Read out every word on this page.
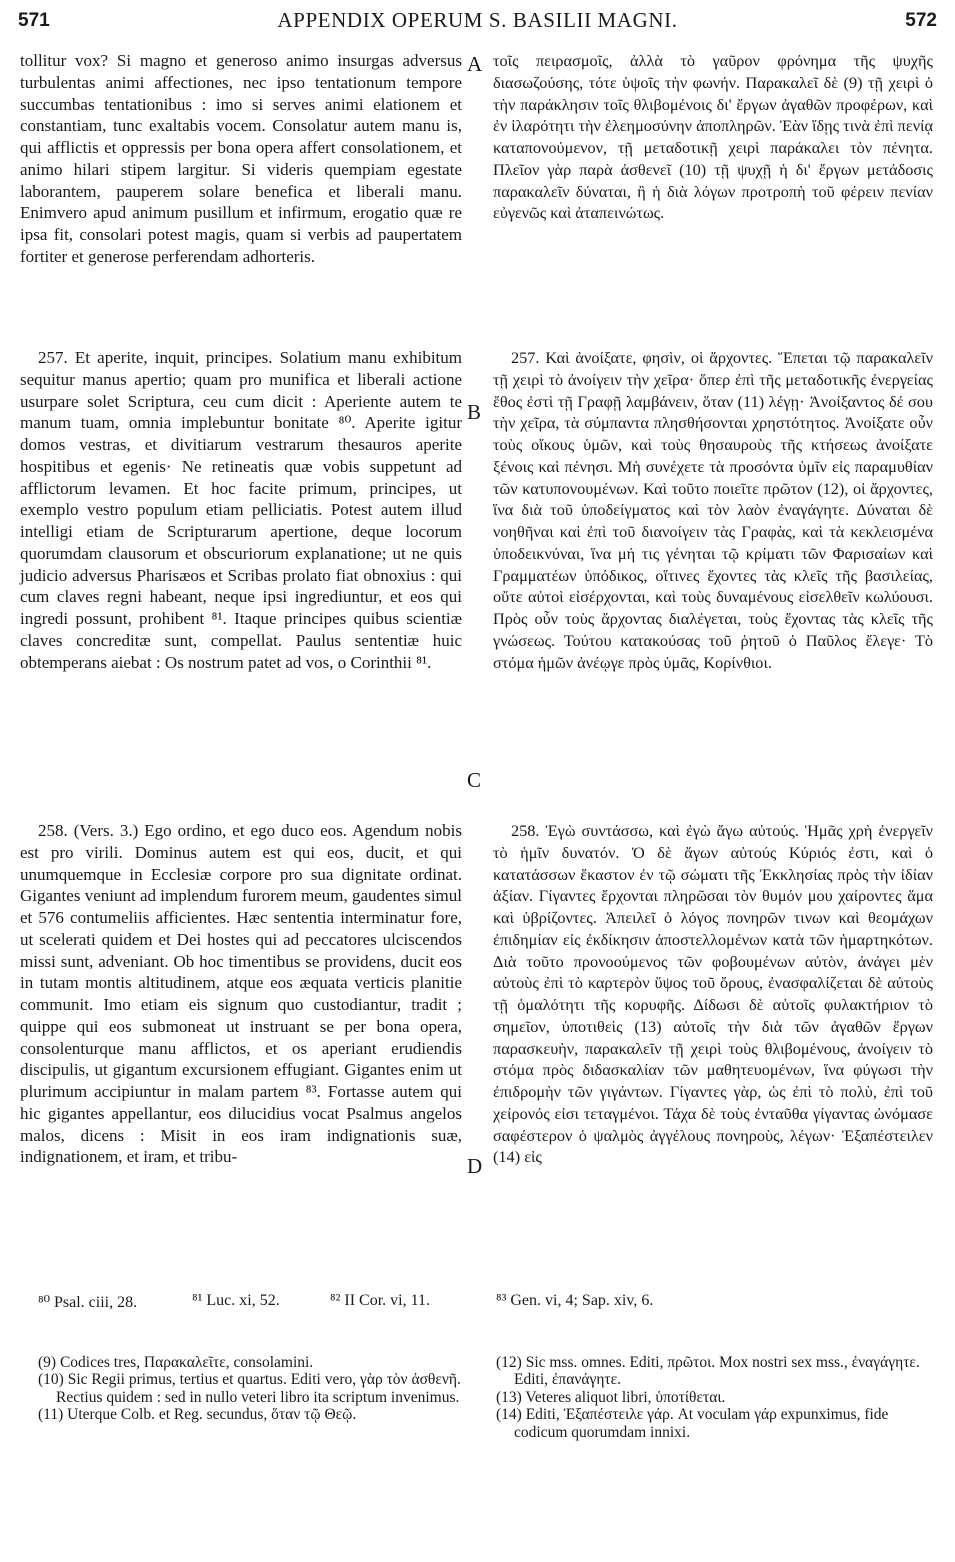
571	APPENDIX OPERUM S. BASILII MAGNI.	572

tollitur vox? Si magno et generoso animo insurgas adversus turbulentas animi affectiones, nec ipso tentationum tempore succumbas tentationibus : imo si serves animi elationem et constantiam, tunc exaltabis vocem. Consolatur autem manu is, qui afflictis et oppressis per bona opera affert consolationem, et animo hilari stipem largitur. Si videris quempiam egestate laborantem, pauperem solare benefica et liberali manu. Enimvero apud animum pusillum et infirmum, erogatio quæ re ipsa fit, consolari potest magis, quam si verbis ad paupertatem fortiter et generose perferendam adhorteris.

257. Et aperite, inquit, principes. Solatium manu exhibitum sequitur manus apertio; quam pro munifica et liberali actione usurpare solet Scriptura, ceu cum dicit : Aperiente autem te manum tuam, omnia implebuntur bonitate ⁸⁰. Aperite igitur domos vestras, et divitiarum vestrarum thesauros aperite hospitibus et egenis· Ne retineatis quæ vobis suppetunt ad afflictorum levamen. Et hoc facite primum, principes, ut exemplo vestro populum etiam pelliciatis. Potest autem illud intelligi etiam de Scripturarum apertione, deque locorum quorumdam clausorum et obscuriorum explanatione; ut ne quis judicio adversus Pharisæos et Scribas prolato fiat obnoxius : qui cum claves regni habeant, neque ipsi ingrediuntur, et eos qui ingredi possunt, prohibent ⁸¹. Itaque principes quibus scientiæ claves concreditæ sunt, compellat. Paulus sententiæ huic obtemperans aiebat : Os nostrum patet ad vos, o Corinthii ⁸¹.

258. (Vers. 3.) Ego ordino, et ego duco eos. Agendum nobis est pro virili. Dominus autem est qui eos, ducit, et qui unumquemque in Ecclesiæ corpore pro sua dignitate ordinat. Gigantes veniunt ad implendum furorem meum, gaudentes simul et 576 contumeliis afficientes. Hæc sententia interminatur fore, ut scelerati quidem et Dei hostes qui ad peccatores ulciscendos missi sunt, adveniant. Ob hoc timentibus se providens, ducit eos in tutam montis altitudinem, atque eos æquata verticis planitie communit. Imo etiam eis signum quo custodiantur, tradit ; quippe qui eos submoneat ut instruant se per bona opera, consolenturque manu afflictos, et os aperiant erudiendis discipulis, ut gigantum excursionem effugiant. Gigantes enim ut plurimum accipiuntur in malam partem ⁸³. Fortasse autem qui hic gigantes appellantur, eos dilucidius vocat Psalmus angelos malos, dicens : Misit in eos iram indignationis suæ, indignationem, et iram, et tribu-

τοῖς πειρασμοῖς, ἀλλὰ τὸ γαῦρον φρόνημα τῆς ψυχῆς διασωζούσης, τότε ὑψοῖς τὴν φωνήν. Παρακαλεῖ δὲ (9) τῇ χειρὶ ὁ τὴν παράκλησιν τοῖς θλιβομένοις δι' ἔργων ἀγαθῶν προφέρων, καὶ ἐν ἱλαρότητι τὴν ἐλεημοσύνην ἀποπληρῶν. Ἐὰν ἴδῃς τινὰ ἐπὶ πενίᾳ καταπονούμενον, τῇ μεταδοτικῇ χειρὶ παράκαλει τὸν πένητα. Πλεῖον γὰρ παρὰ ἀσθενεῖ (10) τῇ ψυχῇ ἡ δι' ἔργων μετάδοσις παρακαλεῖν δύναται, ἢ ἡ διὰ λόγων προτροπὴ τοῦ φέρειν πενίαν εὐγενῶς καὶ ἀταπεινώτως.

257. Καὶ ἀνοίξατε, φησὶν, οἱ ἄρχοντες. Ἕπεται τῷ παρακαλεῖν τῇ χειρὶ τὸ ἀνοίγειν τὴν χεῖρα· ὅπερ ἐπὶ τῆς μεταδοτικῆς ἐνεργείας ἔθος ἐστὶ τῇ Γραφῇ λαμβάνειν, ὅταν (11) λέγῃ· Ἀνοίξαντος δέ σου τὴν χεῖρα, τὰ σύμπαντα πλησθήσονται χρηστότητος. Ἀνοίξατε οὖν τοὺς οἴκους ὑμῶν, καὶ τοὺς θησαυροὺς τῆς κτήσεως ἀνοίξατε ξένοις καὶ πένησι. Μὴ συνέχετε τὰ προσόντα ὑμῖν εἰς παραμυθίαν τῶν κατυπονουμένων. Καὶ τοῦτο ποιεῖτε πρῶτον (12), οἱ ἄρχοντες, ἵνα διὰ τοῦ ὑποδείγματος καὶ τὸν λαὸν ἐναγάγητε. Δύναται δὲ νοηθῆναι καὶ ἐπὶ τοῦ διανοίγειν τὰς Γραφὰς, καὶ τὰ κεκλεισμένα ὑποδεικνύναι, ἵνα μή τις γένηται τῷ κρίματι τῶν Φαρισαίων καὶ Γραμματέων ὑπόδικος, οἵτινες ἔχοντες τὰς κλεῖς τῆς βασιλείας, οὔτε αὐτοὶ εἰσέρχονται, καὶ τοὺς δυναμένους εἰσελθεῖν κωλύουσι. Πρὸς οὖν τοὺς ἄρχοντας διαλέγεται, τοὺς ἔχοντας τὰς κλεῖς τῆς γνώσεως. Τούτου κατακούσας τοῦ ῥητοῦ ὁ Παῦλος ἔλεγε· Τὸ στόμα ἡμῶν ἀνέῳγε πρὸς ὑμᾶς, Κορίνθιοι.

258. Ἐγὼ συντάσσω, καὶ ἐγὼ ἄγω αὐτούς. Ἡμᾶς χρὴ ἐνεργεῖν τὸ ἡμῖν δυνατόν. Ὁ δὲ ἄγων αὐτούς Κύριός ἐστι, καὶ ὁ κατατάσσων ἕκαστον ἐν τῷ σώματι τῆς Ἐκκλησίας πρὸς τὴν ἰδίαν ἀξίαν. Γίγαντες ἔρχονται πληρῶσαι τὸν θυμόν μου χαίροντες ἅμα καὶ ὑβρίζοντες. Ἀπειλεῖ ὁ λόγος πονηρῶν τινων καὶ θεομάχων ἐπιδημίαν εἰς ἐκδίκησιν ἀποστελλομένων κατὰ τῶν ἡμαρτηκότων. Διὰ τοῦτο προνοούμενος τῶν φοβουμένων αὐτὸν, ἀνάγει μὲν αὐτοὺς ἐπὶ τὸ καρτερὸν ὕψος τοῦ ὄρους, ἐνασφαλίζεται δὲ αὐτοὺς τῇ ὁμαλότητι τῆς κορυφῆς. Δίδωσι δὲ αὐτοῖς φυλακτήριον τὸ σημεῖον, ὑποτιθεὶς (13) αὐτοῖς τὴν διὰ τῶν ἀγαθῶν ἔργων παρασκευὴν, παρακαλεῖν τῇ χειρὶ τοὺς θλιβομένους, ἀνοίγειν τὸ στόμα πρὸς διδασκαλίαν τῶν μαθητευομένων, ἵνα φύγωσι τὴν ἐπιδρομὴν τῶν γιγάντων. Γίγαντες γὰρ, ὡς ἐπὶ τὸ πολὺ, ἐπὶ τοῦ χείρονός εἰσι τεταγμένοι. Τάχα δὲ τοὺς ἐνταῦθα γίγαντας ὠνόμασε σαφέστερον ὁ ψαλμὸς ἀγγέλους πονηροὺς, λέγων· Ἐξαπέστειλεν (14) εἰς

A
B
C
D
⁸⁰ Psal. ciii, 28.	⁸¹ Luc. xi, 52.	⁸² II Cor. vi, 11.	⁸³ Gen. vi, 4; Sap. xiv, 6.
(9) Codices tres, Παρακαλεῖτε, consolamini.
(10) Sic Regii primus, tertius et quartus. Editi vero, γὰρ τὸν ἀσθενῆ. Rectius quidem : sed in nullo veteri libro ita scriptum invenimus.
(11) Uterque Colb. et Reg. secundus, ὅταν τῷ Θεῷ.
(12) Sic mss. omnes. Editi, πρῶτοι. Mox nostri sex mss., ἐναγάγητε. Editi, ἐπανάγητε.
(13) Veteres aliquot libri, ὑποτίθεται.
(14) Editi, Ἐξαπέστειλε γάρ. At voculam γάρ expunximus, fide codicum quorumdam innixi.
